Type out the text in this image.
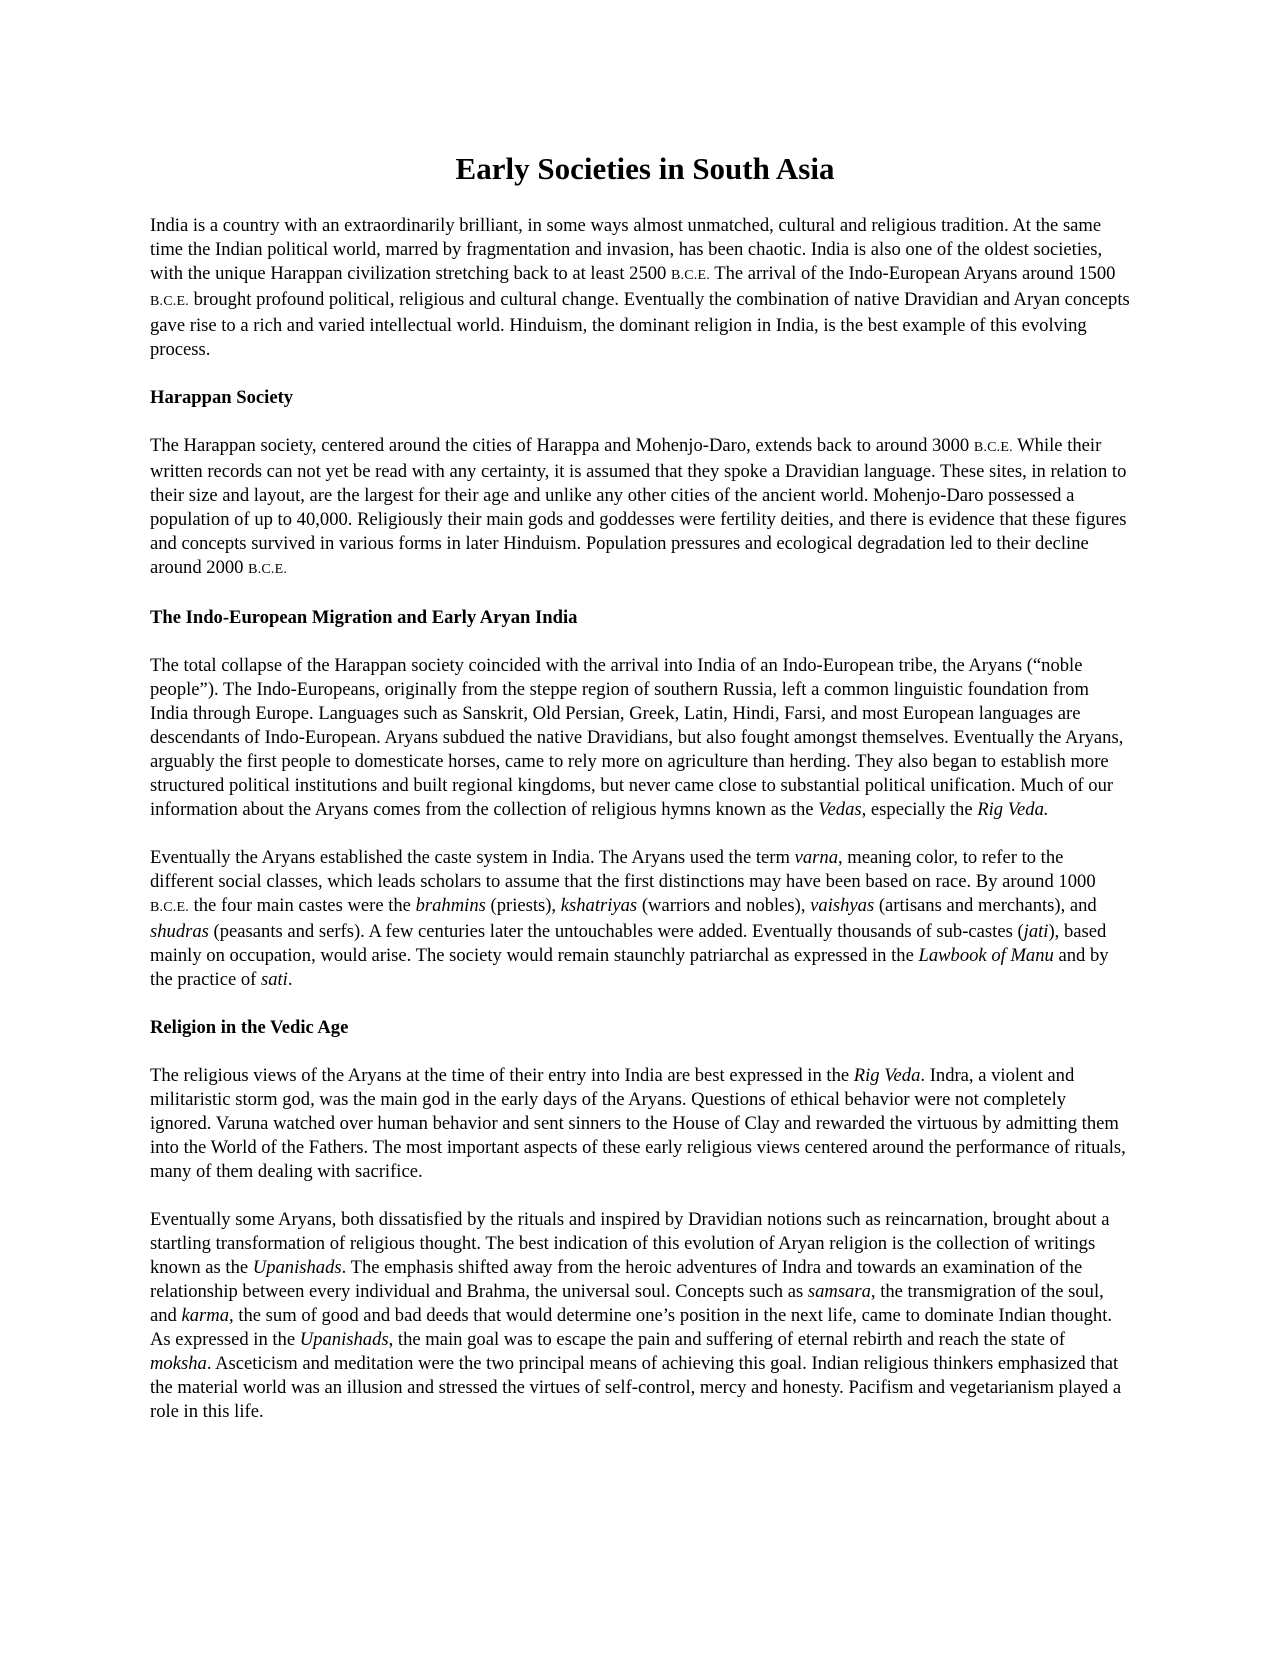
Early Societies in South Asia

India is a country with an extraordinarily brilliant, in some ways almost unmatched, cultural and religious tradition. At the same time the Indian political world, marred by fragmentation and invasion, has been chaotic. India is also one of the oldest societies, with the unique Harappan civilization stretching back to at least 2500 B.C.E. The arrival of the Indo-European Aryans around 1500 B.C.E. brought profound political, religious and cultural change. Eventually the combination of native Dravidian and Aryan concepts gave rise to a rich and varied intellectual world. Hinduism, the dominant religion in India, is the best example of this evolving process.

Harappan Society

The Harappan society, centered around the cities of Harappa and Mohenjo-Daro, extends back to around 3000 B.C.E. While their written records can not yet be read with any certainty, it is assumed that they spoke a Dravidian language. These sites, in relation to their size and layout, are the largest for their age and unlike any other cities of the ancient world. Mohenjo-Daro possessed a population of up to 40,000. Religiously their main gods and goddesses were fertility deities, and there is evidence that these figures and concepts survived in various forms in later Hinduism. Population pressures and ecological degradation led to their decline around 2000 B.C.E.

The Indo-European Migration and Early Aryan India

The total collapse of the Harappan society coincided with the arrival into India of an Indo-European tribe, the Aryans (“noble people”). The Indo-Europeans, originally from the steppe region of southern Russia, left a common linguistic foundation from India through Europe. Languages such as Sanskrit, Old Persian, Greek, Latin, Hindi, Farsi, and most European languages are descendants of Indo-European. Aryans subdued the native Dravidians, but also fought amongst themselves. Eventually the Aryans, arguably the first people to domesticate horses, came to rely more on agriculture than herding. They also began to establish more structured political institutions and built regional kingdoms, but never came close to substantial political unification. Much of our information about the Aryans comes from the collection of religious hymns known as the Vedas, especially the Rig Veda.

Eventually the Aryans established the caste system in India. The Aryans used the term varna, meaning color, to refer to the different social classes, which leads scholars to assume that the first distinctions may have been based on race. By around 1000 B.C.E. the four main castes were the brahmins (priests), kshatriyas (warriors and nobles), vaishyas (artisans and merchants), and shudras (peasants and serfs). A few centuries later the untouchables were added. Eventually thousands of sub-castes (jati), based mainly on occupation, would arise. The society would remain staunchly patriarchal as expressed in the Lawbook of Manu and by the practice of sati.

Religion in the Vedic Age

The religious views of the Aryans at the time of their entry into India are best expressed in the Rig Veda. Indra, a violent and militaristic storm god, was the main god in the early days of the Aryans. Questions of ethical behavior were not completely ignored. Varuna watched over human behavior and sent sinners to the House of Clay and rewarded the virtuous by admitting them into the World of the Fathers. The most important aspects of these early religious views centered around the performance of rituals, many of them dealing with sacrifice.

Eventually some Aryans, both dissatisfied by the rituals and inspired by Dravidian notions such as reincarnation, brought about a startling transformation of religious thought. The best indication of this evolution of Aryan religion is the collection of writings known as the Upanishads. The emphasis shifted away from the heroic adventures of Indra and towards an examination of the relationship between every individual and Brahma, the universal soul. Concepts such as samsara, the transmigration of the soul, and karma, the sum of good and bad deeds that would determine one’s position in the next life, came to dominate Indian thought. As expressed in the Upanishads, the main goal was to escape the pain and suffering of eternal rebirth and reach the state of moksha. Asceticism and meditation were the two principal means of achieving this goal. Indian religious thinkers emphasized that the material world was an illusion and stressed the virtues of self-control, mercy and honesty. Pacifism and vegetarianism played a role in this life.
